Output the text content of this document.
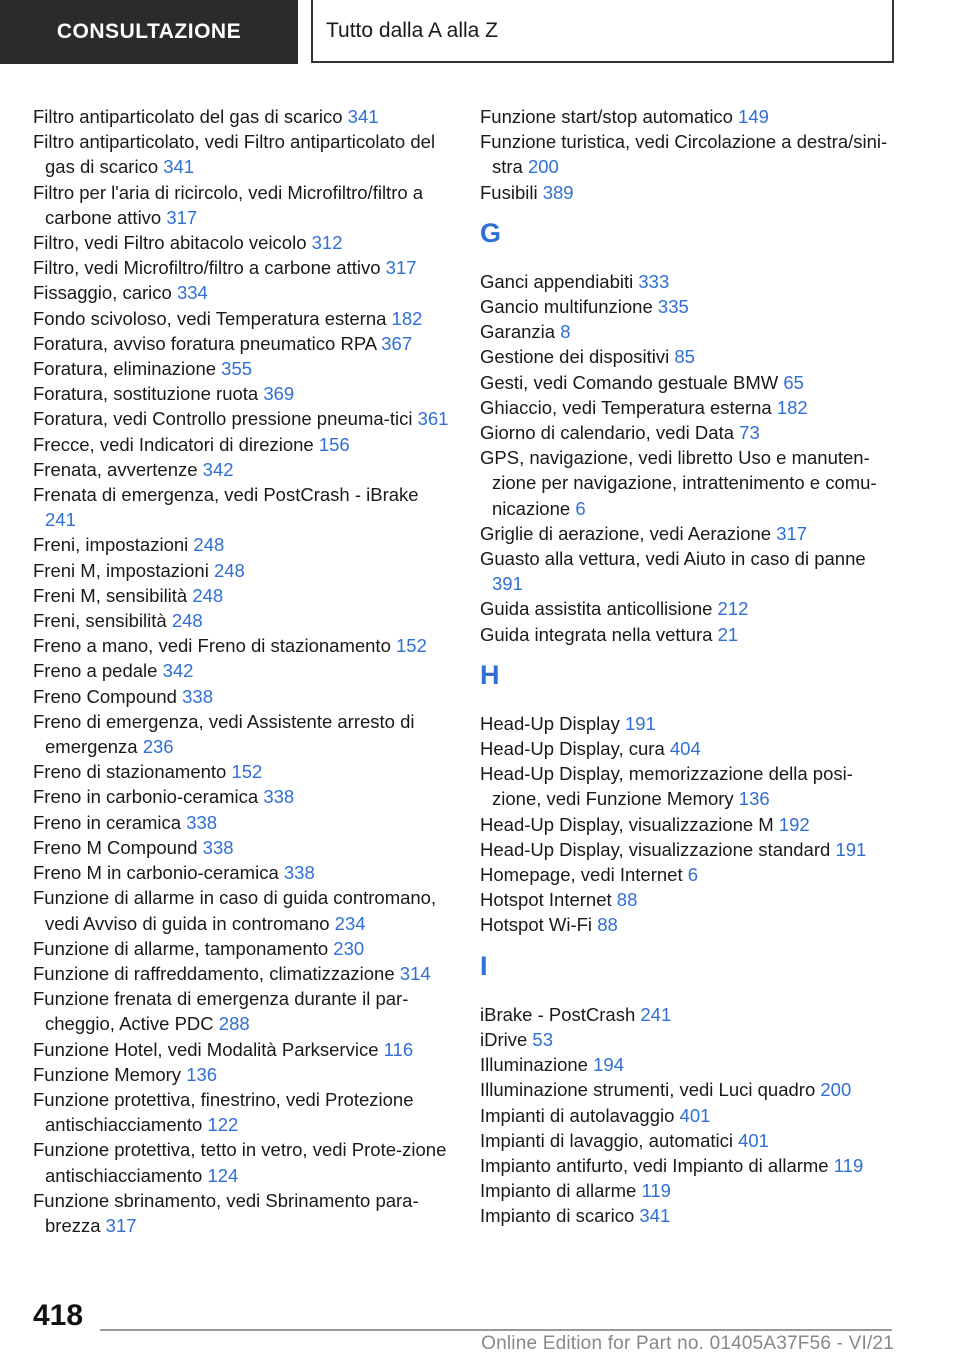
CONSULTAZIONE	Tutto dalla A alla Z
Filtro antiparticolato del gas di scarico 341
Filtro antiparticolato, vedi Filtro antiparticolato del gas di scarico 341
Filtro per l'aria di ricircolo, vedi Microfiltro/filtro a carbone attivo 317
Filtro, vedi Filtro abitacolo veicolo 312
Filtro, vedi Microfiltro/filtro a carbone attivo 317
Fissaggio, carico 334
Fondo scivoloso, vedi Temperatura esterna 182
Foratura, avviso foratura pneumatico RPA 367
Foratura, eliminazione 355
Foratura, sostituzione ruota 369
Foratura, vedi Controllo pressione pneuma‐tici 361
Frecce, vedi Indicatori di direzione 156
Frenata, avvertenze 342
Frenata di emergenza, vedi PostCrash - iBrake 241
Freni, impostazioni 248
Freni M, impostazioni 248
Freni M, sensibilità 248
Freni, sensibilità 248
Freno a mano, vedi Freno di stazionamento 152
Freno a pedale 342
Freno Compound 338
Freno di emergenza, vedi Assistente arresto di emergenza 236
Freno di stazionamento 152
Freno in carbonio-ceramica 338
Freno in ceramica 338
Freno M Compound 338
Freno M in carbonio-ceramica 338
Funzione di allarme in caso di guida contromano, vedi Avviso di guida in contromano 234
Funzione di allarme, tamponamento 230
Funzione di raffreddamento, climatizzazione 314
Funzione frenata di emergenza durante il par‐cheggio, Active PDC 288
Funzione Hotel, vedi Modalità Parkservice 116
Funzione Memory 136
Funzione protettiva, finestrino, vedi Protezione antischiacciamento 122
Funzione protettiva, tetto in vetro, vedi Prote‐zione antischiacciamento 124
Funzione sbrinamento, vedi Sbrinamento para‐brezza 317
Funzione start/stop automatico 149
Funzione turistica, vedi Circolazione a destra/sini‐stra 200
Fusibili 389
G
Ganci appendiabiti 333
Gancio multifunzione 335
Garanzia 8
Gestione dei dispositivi 85
Gesti, vedi Comando gestuale BMW 65
Ghiaccio, vedi Temperatura esterna 182
Giorno di calendario, vedi Data 73
GPS, navigazione, vedi libretto Uso e manuten‐zione per navigazione, intrattenimento e comu‐nicazione 6
Griglie di aerazione, vedi Aerazione 317
Guasto alla vettura, vedi Aiuto in caso di panne 391
Guida assistita anticollisione 212
Guida integrata nella vettura 21
H
Head-Up Display 191
Head-Up Display, cura 404
Head-Up Display, memorizzazione della posi‐zione, vedi Funzione Memory 136
Head-Up Display, visualizzazione M 192
Head-Up Display, visualizzazione standard 191
Homepage, vedi Internet 6
Hotspot Internet 88
Hotspot Wi-Fi 88
I
iBrake - PostCrash 241
iDrive 53
Illuminazione 194
Illuminazione strumenti, vedi Luci quadro 200
Impianti di autolavaggio 401
Impianti di lavaggio, automatici 401
Impianto antifurto, vedi Impianto di allarme 119
Impianto di allarme 119
Impianto di scarico 341
418
Online Edition for Part no. 01405A37F56 - VI/21
